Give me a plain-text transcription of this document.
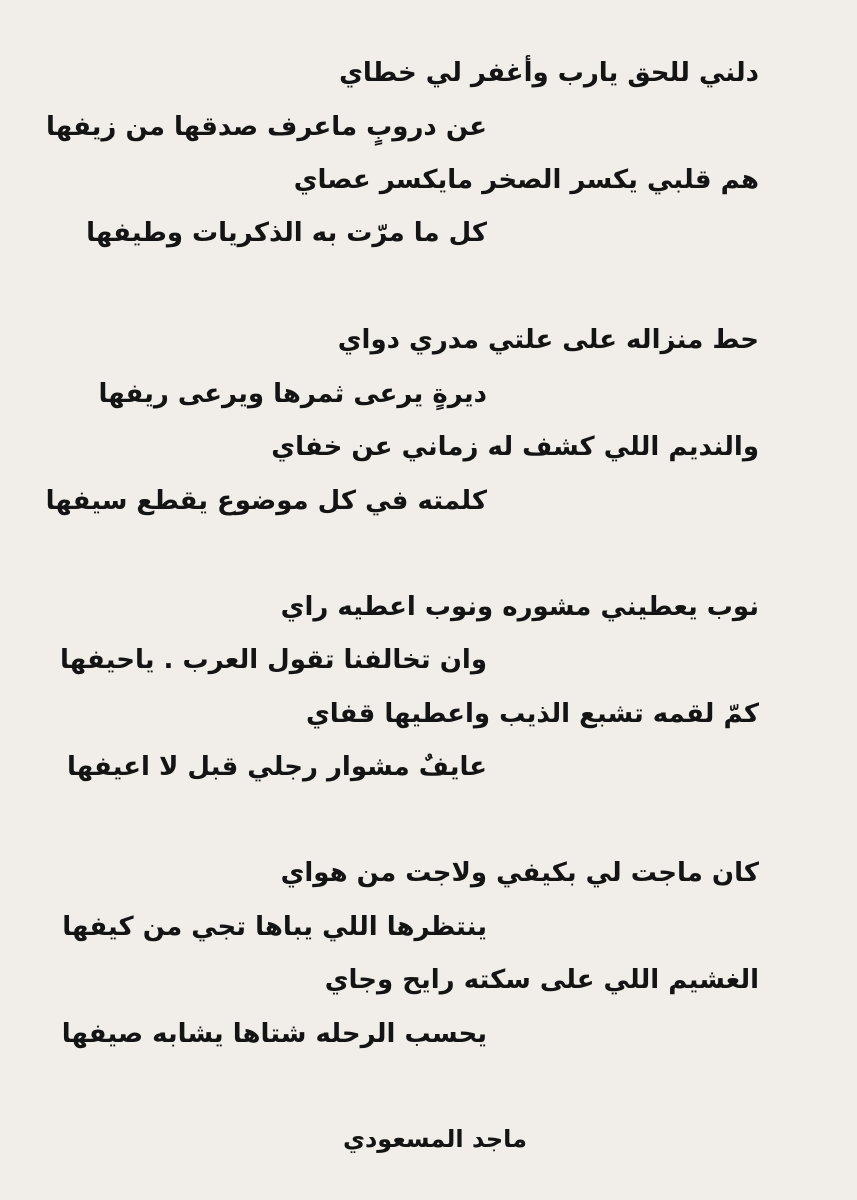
دلني للحق يارب وأغفر لي خطاي
عن دروبٍ ماعرف صدقها من زيفها
هم قلبي يكسر الصخر مايكسر عصاي
كل ما مرّت به الذكريات وطيفها
حط منزاله على علتي مدري دواي
ديرةٍ يرعى ثمرها ويرعى ريفها
والنديم اللي كشف له زماني عن خفاي
كلمته في كل موضوع يقطع سيفها
نوب يعطيني مشوره ونوب اعطيه راي
وان تخالفنا تقول العرب . ياحيفها
كمّ لقمه تشبع الذيب واعطيها قفاي
عايفٌ مشوار رجلي قبل لا اعيفها
كان ماجت لي بكيفي ولاجت من هواي
ينتظرها اللي يباها تجي من كيفها
الغشيم اللي على سكته رايح وجاي
يحسب الرحله شتاها يشابه صيفها
ماجد المسعودي
